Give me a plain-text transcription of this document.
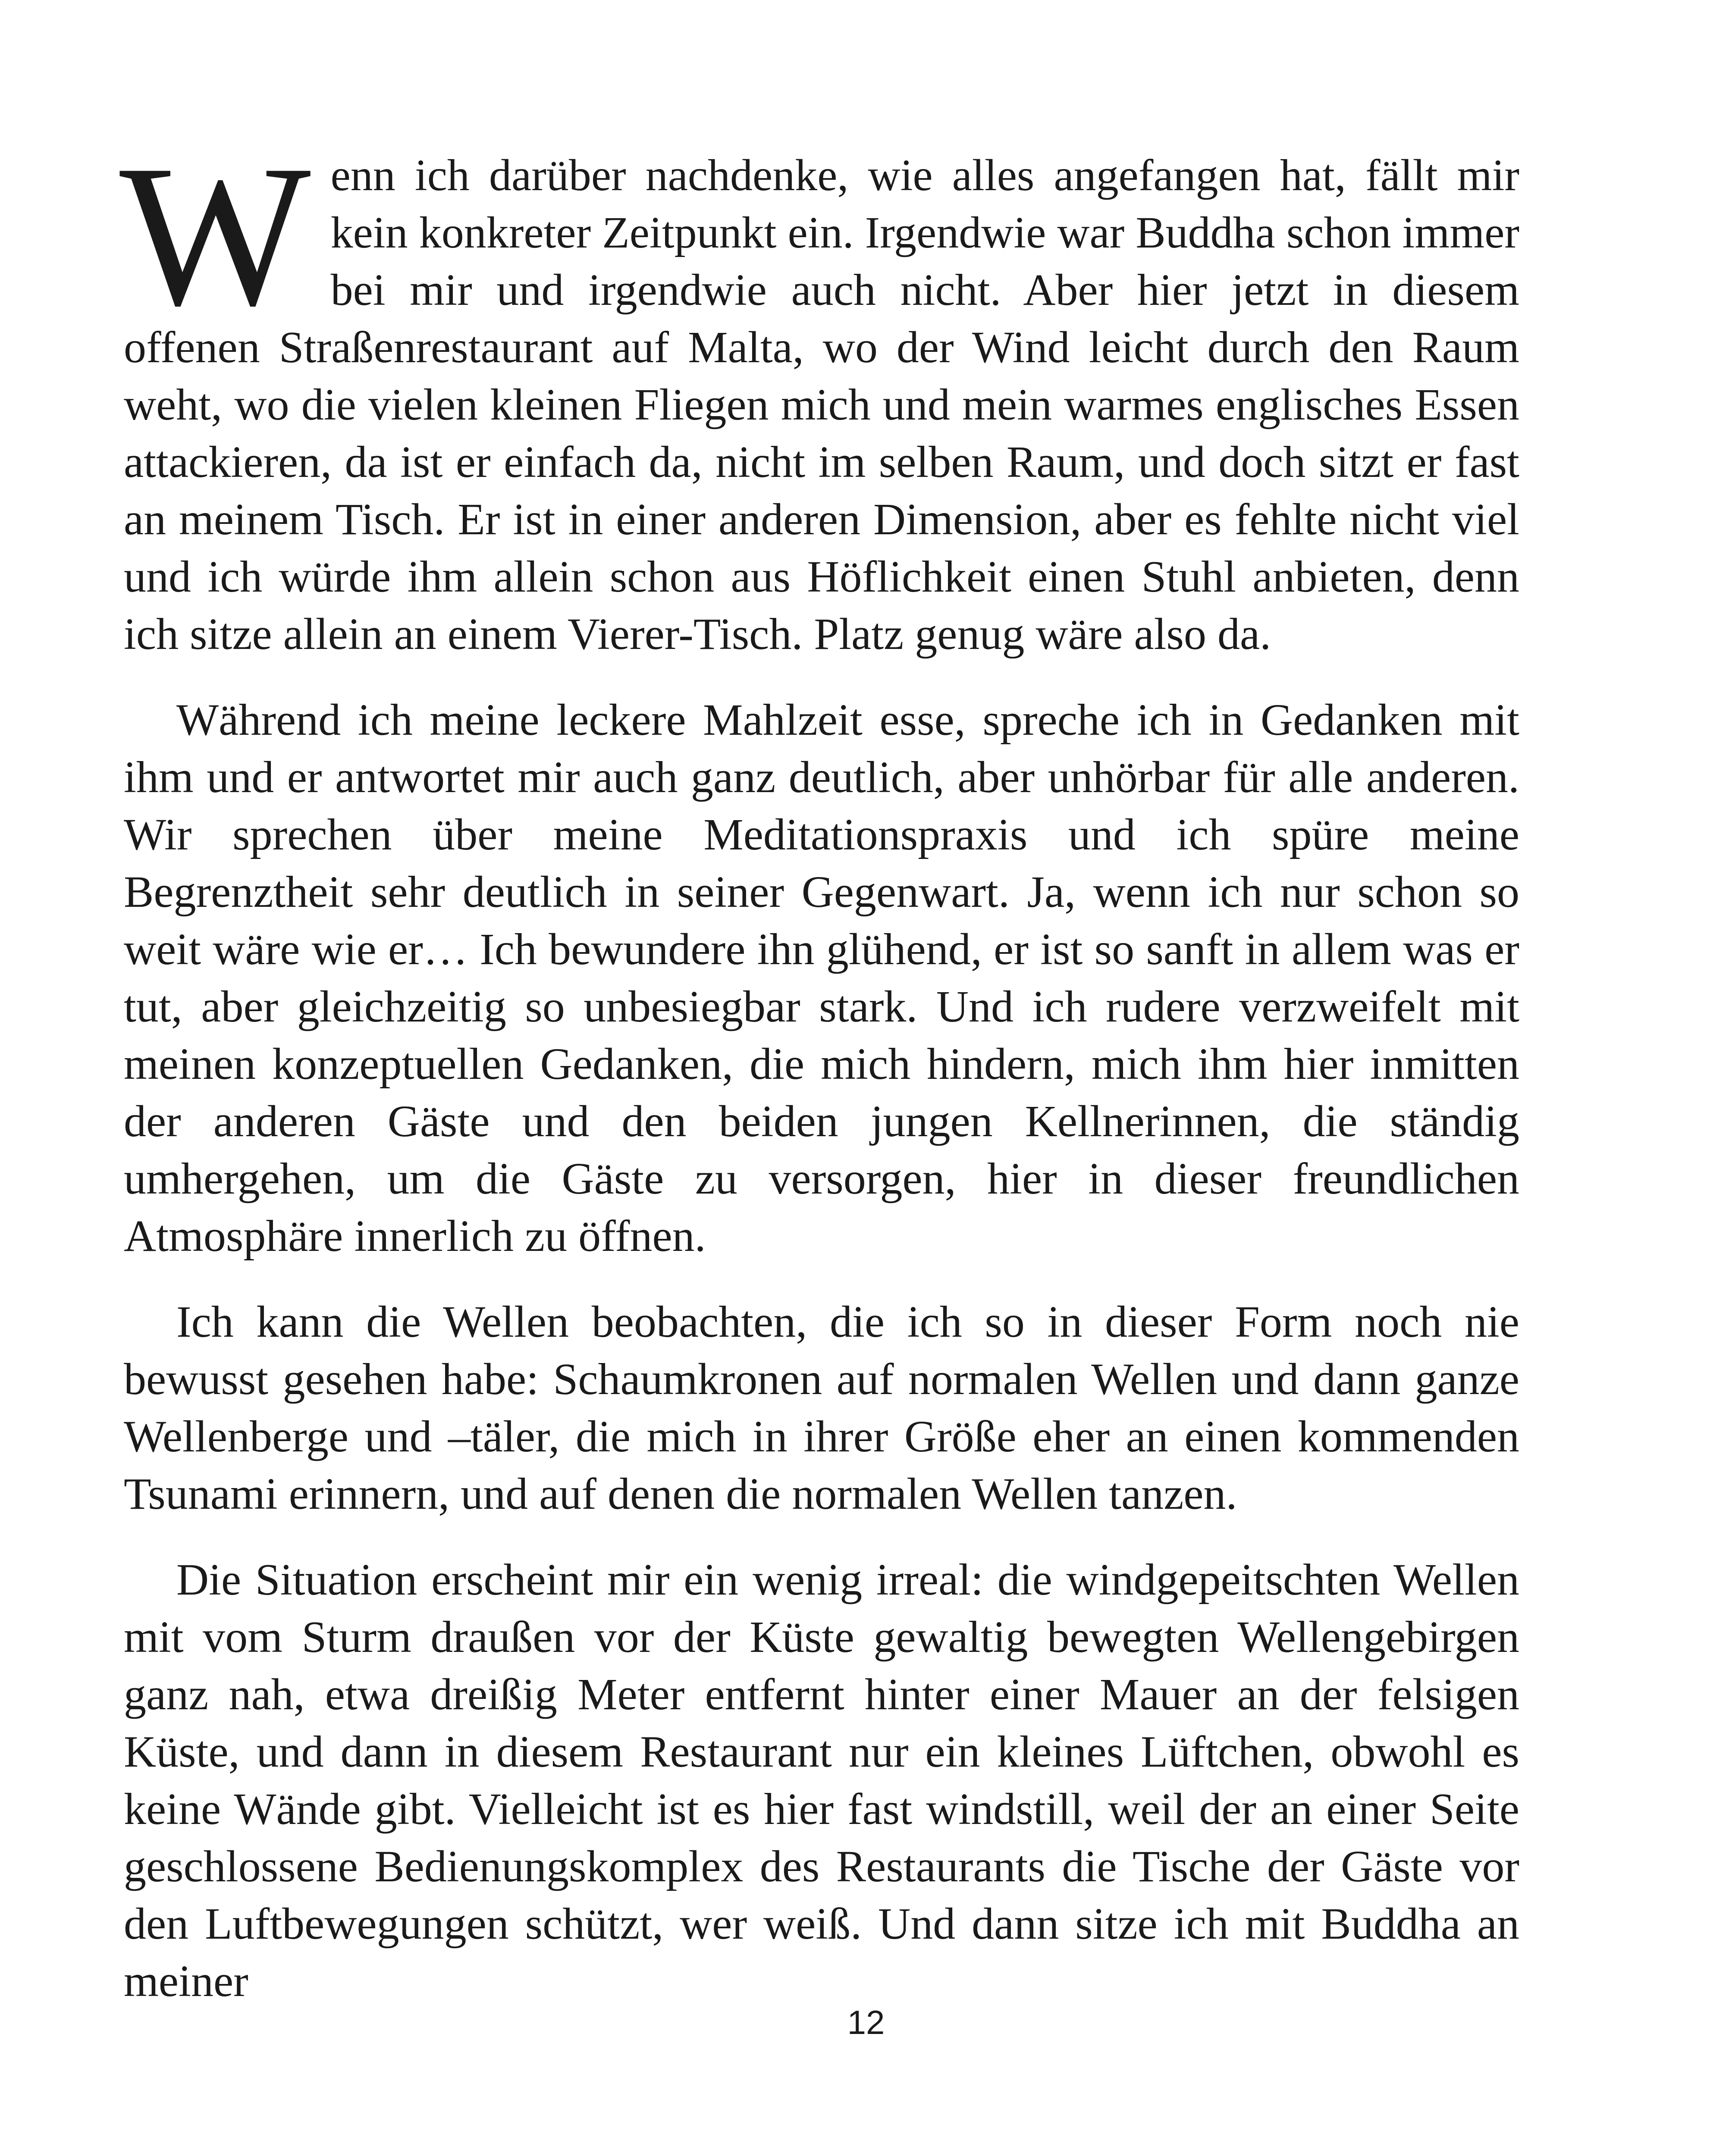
Wenn ich darüber nachdenke, wie alles angefangen hat, fällt mir kein konkreter Zeitpunkt ein. Irgendwie war Buddha schon immer bei mir und irgendwie auch nicht. Aber hier jetzt in diesem offenen Straßenrestaurant auf Malta, wo der Wind leicht durch den Raum weht, wo die vielen kleinen Fliegen mich und mein warmes englisches Essen attackieren, da ist er einfach da, nicht im selben Raum, und doch sitzt er fast an meinem Tisch. Er ist in einer anderen Dimension, aber es fehlte nicht viel und ich würde ihm allein schon aus Höflichkeit einen Stuhl anbieten, denn ich sitze allein an einem Vierer-Tisch. Platz genug wäre also da.

Während ich meine leckere Mahlzeit esse, spreche ich in Gedanken mit ihm und er antwortet mir auch ganz deutlich, aber unhörbar für alle anderen. Wir sprechen über meine Meditationspraxis und ich spüre meine Begrenztheit sehr deutlich in seiner Gegenwart. Ja, wenn ich nur schon so weit wäre wie er… Ich bewundere ihn glühend, er ist so sanft in allem was er tut, aber gleichzeitig so unbesiegbar stark. Und ich rudere verzweifelt mit meinen konzeptuellen Gedanken, die mich hindern, mich ihm hier inmitten der anderen Gäste und den beiden jungen Kellnerinnen, die ständig umhergehen, um die Gäste zu versorgen, hier in dieser freundlichen Atmosphäre innerlich zu öffnen.

Ich kann die Wellen beobachten, die ich so in dieser Form noch nie bewusst gesehen habe: Schaumkronen auf normalen Wellen und dann ganze Wellenberge und –täler, die mich in ihrer Größe eher an einen kommenden Tsunami erinnern, und auf denen die normalen Wellen tanzen.

Die Situation erscheint mir ein wenig irreal: die windgepeitschten Wellen mit vom Sturm draußen vor der Küste gewaltig bewegten Wellengebirgen ganz nah, etwa dreißig Meter entfernt hinter einer Mauer an der felsigen Küste, und dann in diesem Restaurant nur ein kleines Lüftchen, obwohl es keine Wände gibt. Vielleicht ist es hier fast windstill, weil der an einer Seite geschlossene Bedienungskomplex des Restaurants die Tische der Gäste vor den Luftbewegungen schützt, wer weiß. Und dann sitze ich mit Buddha an meiner

12
